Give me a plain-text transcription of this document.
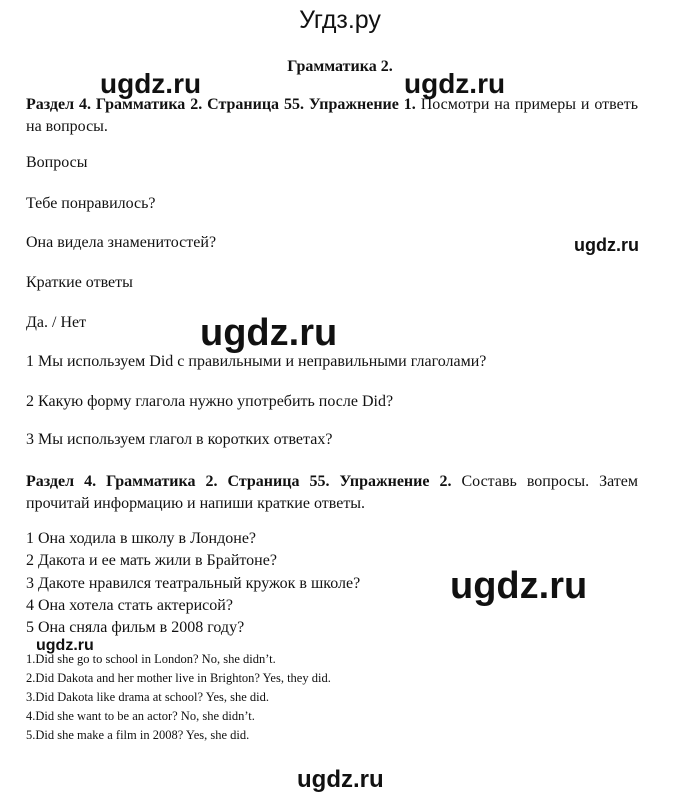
Угдз.ру
Грамматика 2.
ugdz.ru	ugdz.ru
ugdz.ru
ugdz.ru
ugdz.ru
ugdz.ru
ugdz.ru
Раздел 4. Грамматика 2. Страница 55. Упражнение 1. Посмотри на примеры и ответь на вопросы.
Вопросы
Тебе понравилось?
Она видела знаменитостей?
Краткие ответы
Да. / Нет
1 Мы используем Did с правильными и неправильными глаголами?
2 Какую форму глагола нужно употребить после Did?
3 Мы используем глагол в коротких ответах?
Раздел 4. Грамматика 2. Страница 55. Упражнение 2. Составь вопросы. Затем прочитай информацию и напиши краткие ответы.
1 Она ходила в школу в Лондоне?
2 Дакота и ее мать жили в Брайтоне?
3 Дакоте нравился театральный кружок в школе?
4 Она хотела стать актерисой?
5 Она сняла фильм в 2008 году?
1.Did she go to school in London? No, she didn’t.
2.Did Dakota and her mother live in Brighton? Yes, they did.
3.Did Dakota like drama at school? Yes, she did.
4.Did she want to be an actor? No, she didn’t.
5.Did she make a film in 2008? Yes, she did.
